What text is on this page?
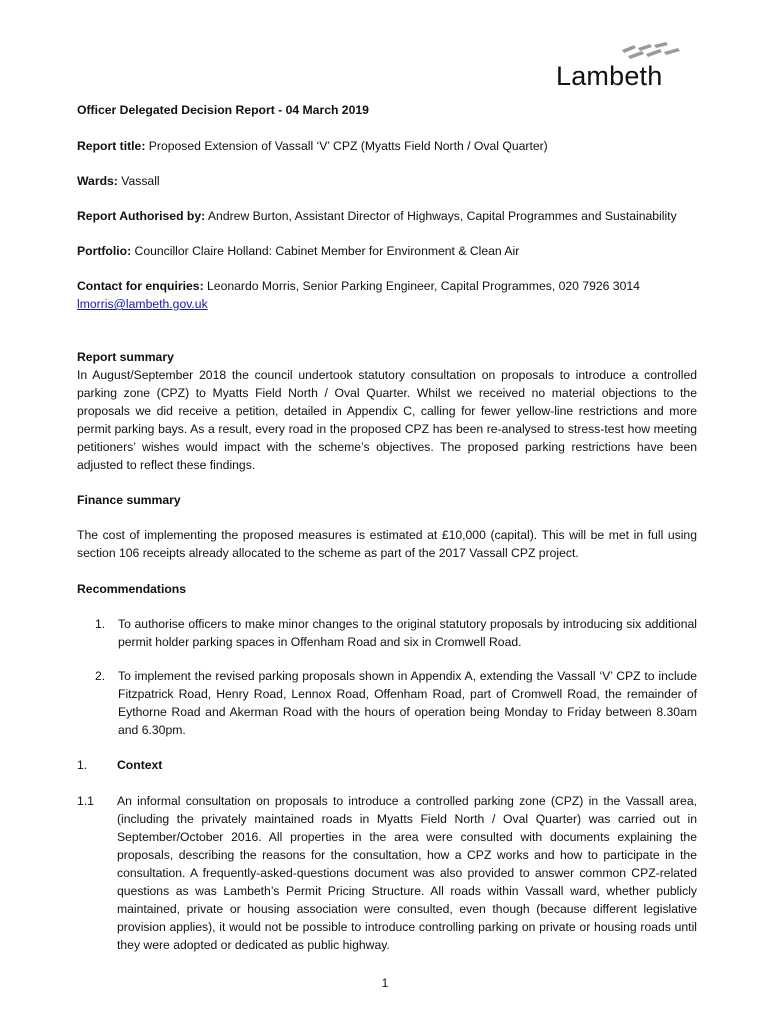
Lambeth

Officer Delegated Decision Report - 04 March 2019

Report title: Proposed Extension of Vassall ‘V’ CPZ (Myatts Field North / Oval Quarter)

Wards: Vassall

Report Authorised by: Andrew Burton, Assistant Director of Highways, Capital Programmes and Sustainability

Portfolio: Councillor Claire Holland: Cabinet Member for Environment & Clean Air

Contact for enquiries: Leonardo Morris, Senior Parking Engineer, Capital Programmes, 020 7926 3014
lmorris@lambeth.gov.uk

Report summary

In August/September 2018 the council undertook statutory consultation on proposals to introduce a controlled parking zone (CPZ) to Myatts Field North / Oval Quarter. Whilst we received no material objections to the proposals we did receive a petition, detailed in Appendix C, calling for fewer yellow-line restrictions and more permit parking bays. As a result, every road in the proposed CPZ has been re-analysed to stress-test how meeting petitioners’ wishes would impact with the scheme’s objectives. The proposed parking restrictions have been adjusted to reflect these findings.

Finance summary

The cost of implementing the proposed measures is estimated at £10,000 (capital). This will be met in full using section 106 receipts already allocated to the scheme as part of the 2017 Vassall CPZ project.

Recommendations

1.	To authorise officers to make minor changes to the original statutory proposals by introducing six additional permit holder parking spaces in Offenham Road and six in Cromwell Road.
2.	To implement the revised parking proposals shown in Appendix A, extending the Vassall ‘V’ CPZ to include Fitzpatrick Road, Henry Road, Lennox Road, Offenham Road, part of Cromwell Road, the remainder of Eythorne Road and Akerman Road with the hours of operation being Monday to Friday between 8.30am and 6.30pm.
1.	Context
1.1	An informal consultation on proposals to introduce a controlled parking zone (CPZ) in the Vassall area, (including the privately maintained roads in Myatts Field North / Oval Quarter) was carried out in September/October 2016. All properties in the area were consulted with documents explaining the proposals, describing the reasons for the consultation, how a CPZ works and how to participate in the consultation. A frequently-asked-questions document was also provided to answer common CPZ-related questions as was Lambeth’s Permit Pricing Structure. All roads within Vassall ward, whether publicly maintained, private or housing association were consulted, even though (because different legislative provision applies), it would not be possible to introduce controlling parking on private or housing roads until they were adopted or dedicated as public highway.
1
